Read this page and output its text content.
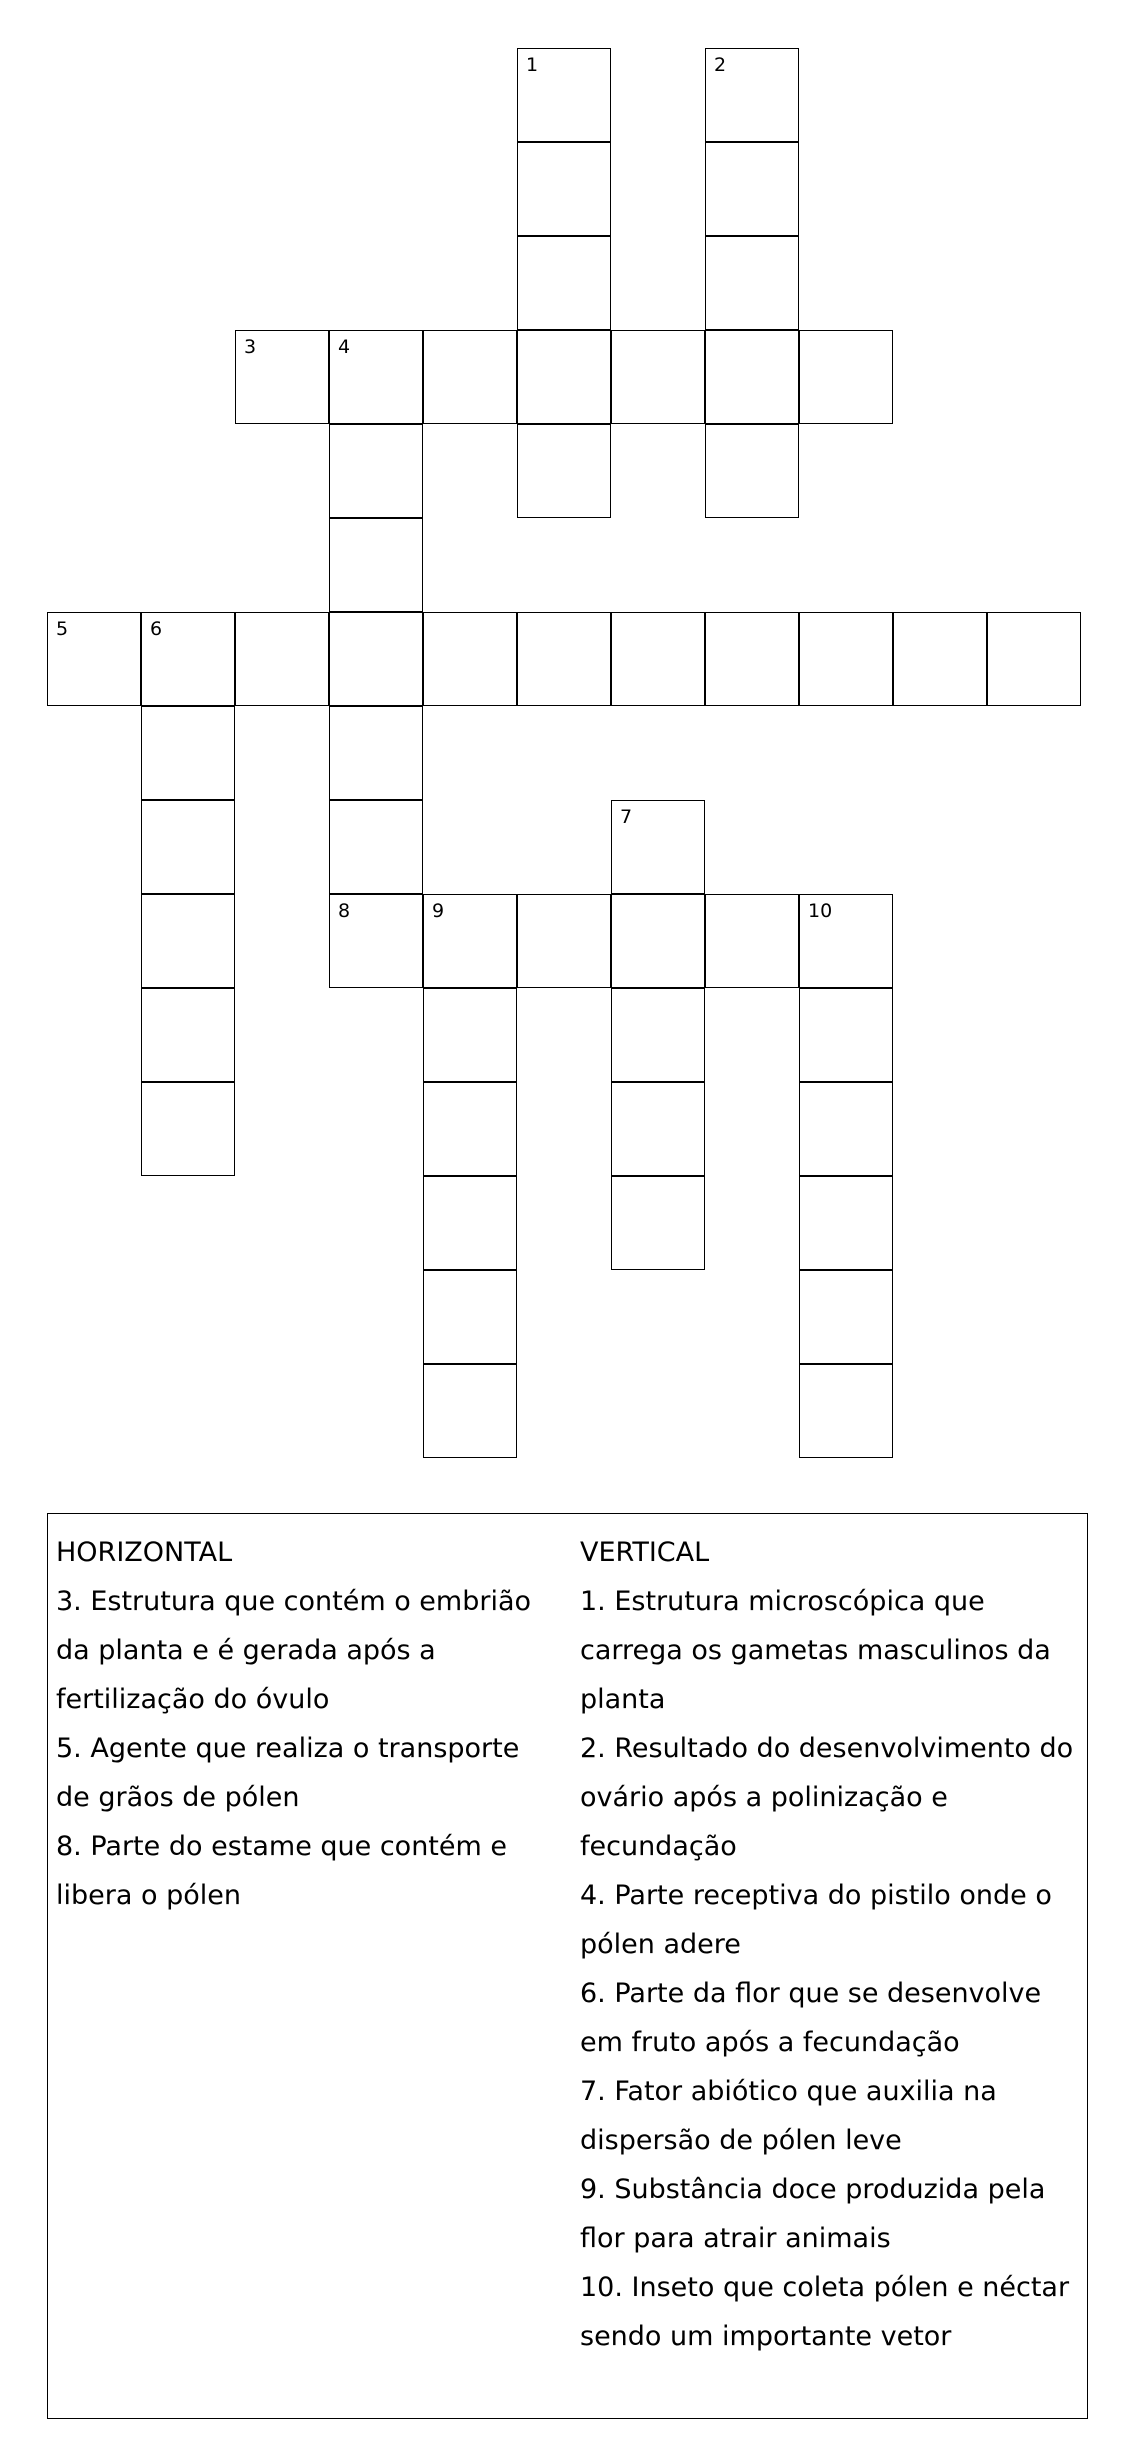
1	2
3	4
5	6
7
8	9	10
HORIZONTAL

3. Estrutura que contém o embrião da planta e é gerada após a fertilização do óvulo

5. Agente que realiza o transporte de grãos de pólen

8. Parte do estame que contém e libera o pólen

VERTICAL

1. Estrutura microscópica que carrega os gametas masculinos da planta

2. Resultado do desenvolvimento do ovário após a polinização e fecundação

4. Parte receptiva do pistilo onde o pólen adere

6. Parte da flor que se desenvolve em fruto após a fecundação

7. Fator abiótico que auxilia na dispersão de pólen leve

9. Substância doce produzida pela flor para atrair animais

10. Inseto que coleta pólen e néctar sendo um importante vetor
